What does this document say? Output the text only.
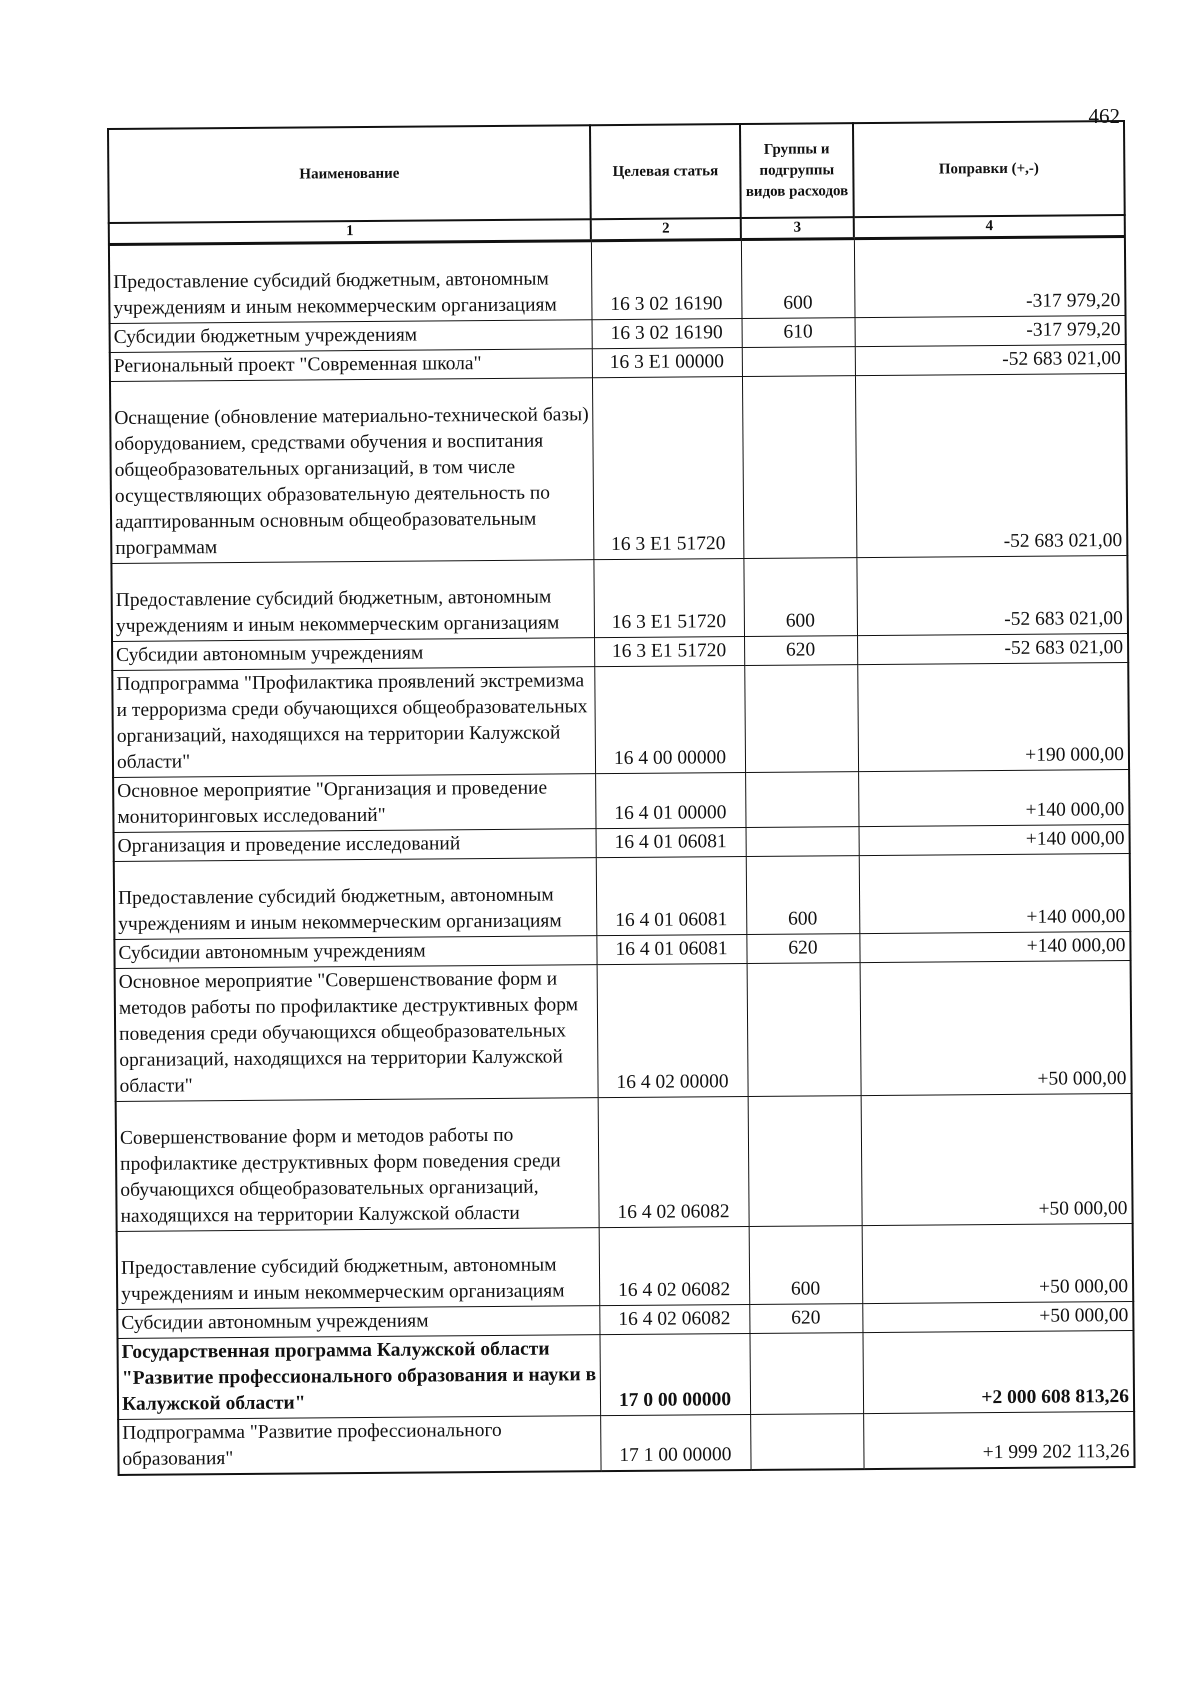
462
Наименование	Целевая статья	Группы и подгруппы видов расходов	Поправки (+,-)
1	2	3	4
Предоставление субсидий бюджетным, автономным учреждениям и иным некоммерческим организациям	16 3 02 16190	600	-317 979,20
Субсидии бюджетным учреждениям	16 3 02 16190	610	-317 979,20
Региональный проект "Современная школа"	16 3 E1 00000		-52 683 021,00
Оснащение (обновление материально-технической базы) оборудованием, средствами обучения и воспитания общеобразовательных организаций, в том числе осуществляющих образовательную деятельность по адаптированным основным общеобразовательным программам	16 3 E1 51720		-52 683 021,00
Предоставление субсидий бюджетным, автономным учреждениям и иным некоммерческим организациям	16 3 E1 51720	600	-52 683 021,00
Субсидии автономным учреждениям	16 3 E1 51720	620	-52 683 021,00
Подпрограмма "Профилактика проявлений экстремизма и терроризма среди обучающихся общеобразовательных организаций, находящихся на территории Калужской области"	16 4 00 00000		+190 000,00
Основное мероприятие "Организация и проведение мониторинговых исследований"	16 4 01 00000		+140 000,00
Организация и проведение исследований	16 4 01 06081		+140 000,00
Предоставление субсидий бюджетным, автономным учреждениям и иным некоммерческим организациям	16 4 01 06081	600	+140 000,00
Субсидии автономным учреждениям	16 4 01 06081	620	+140 000,00
Основное мероприятие "Совершенствование форм и методов работы по профилактике деструктивных форм поведения среди обучающихся общеобразовательных организаций, находящихся на территории Калужской области"	16 4 02 00000		+50 000,00
Совершенствование форм и методов работы по профилактике деструктивных форм поведения среди обучающихся общеобразовательных организаций, находящихся на территории Калужской области	16 4 02 06082		+50 000,00
Предоставление субсидий бюджетным, автономным учреждениям и иным некоммерческим организациям	16 4 02 06082	600	+50 000,00
Субсидии автономным учреждениям	16 4 02 06082	620	+50 000,00
Государственная программа Калужской области "Развитие профессионального образования и науки в Калужской области"	17 0 00 00000		+2 000 608 813,26
Подпрограмма "Развитие профессионального образования"	17 1 00 00000		+1 999 202 113,26
